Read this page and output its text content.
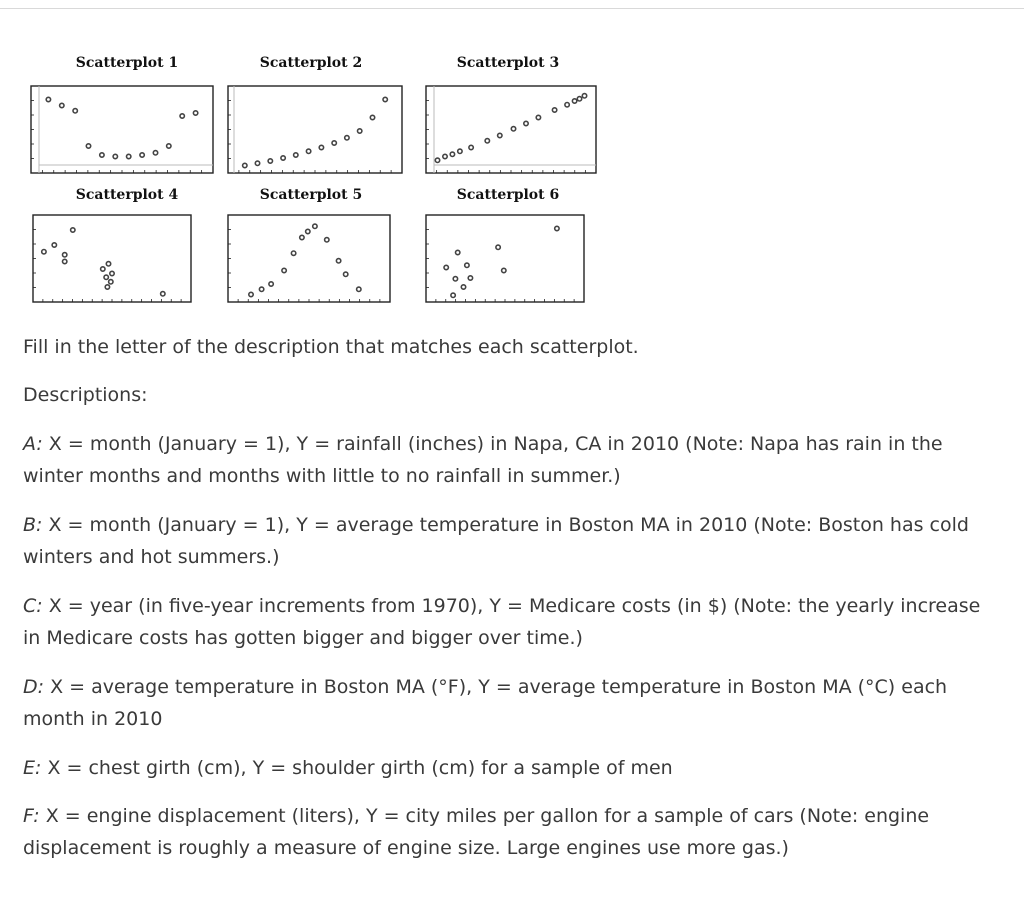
Scatterplot 1	Scatterplot 2	Scatterplot 3
Scatterplot 4	Scatterplot 5	Scatterplot 6
Fill in the letter of the description that matches each scatterplot.
Descriptions:
A: X = month (January = 1), Y = rainfall (inches) in Napa, CA in 2010 (Note: Napa has rain in the winter months and months with little to no rainfall in summer.)
B: X = month (January = 1), Y = average temperature in Boston MA in 2010 (Note: Boston has cold winters and hot summers.)
C: X = year (in five-year increments from 1970), Y = Medicare costs (in $) (Note: the yearly increase in Medicare costs has gotten bigger and bigger over time.)
D: X = average temperature in Boston MA (°F), Y = average temperature in Boston MA (°C) each month in 2010
E: X = chest girth (cm), Y = shoulder girth (cm) for a sample of men
F: X = engine displacement (liters), Y = city miles per gallon for a sample of cars (Note: engine displacement is roughly a measure of engine size. Large engines use more gas.)
